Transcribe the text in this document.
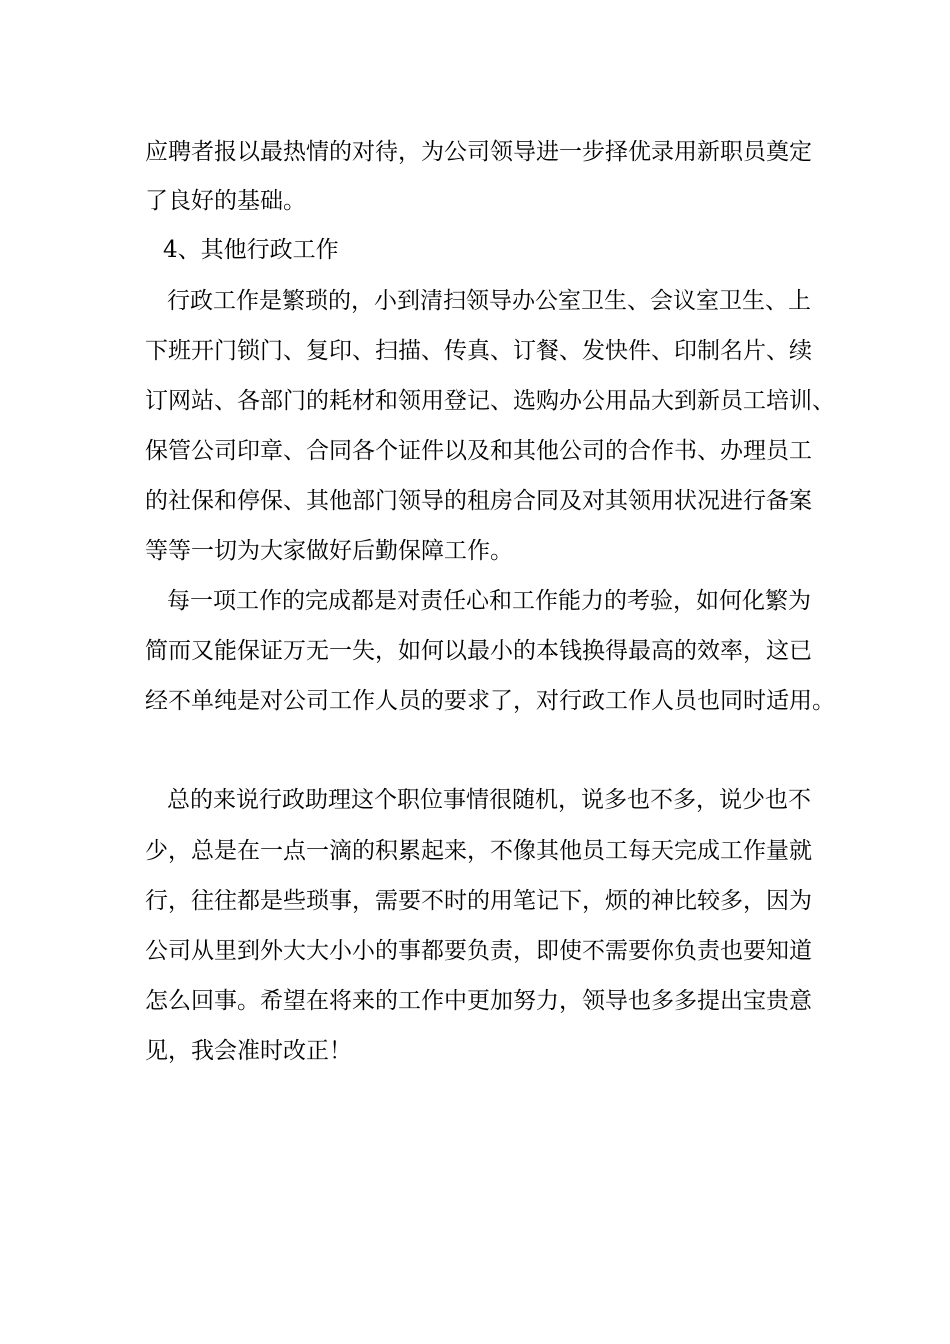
应聘者报以最热情的对待，为公司领导进一步择优录用新职员奠定
了良好的基础。
4、其他行政工作
行政工作是繁琐的，小到清扫领导办公室卫生、会议室卫生、上
下班开门锁门、复印、扫描、传真、订餐、发快件、印制名片、续
订网站、各部门的耗材和领用登记、选购办公用品大到新员工培训、
保管公司印章、合同各个证件以及和其他公司的合作书、办理员工
的社保和停保、其他部门领导的租房合同及对其领用状况进行备案
等等一切为大家做好后勤保障工作。
每一项工作的完成都是对责任心和工作能力的考验，如何化繁为
简而又能保证万无一失，如何以最小的本钱换得最高的效率，这已
经不单纯是对公司工作人员的要求了，对行政工作人员也同时适用。
总的来说行政助理这个职位事情很随机，说多也不多，说少也不
少，总是在一点一滴的积累起来，不像其他员工每天完成工作量就
行，往往都是些琐事，需要不时的用笔记下，烦的神比较多，因为
公司从里到外大大小小的事都要负责，即使不需要你负责也要知道
怎么回事。希望在将来的工作中更加努力，领导也多多提出宝贵意
见，我会准时改正！
